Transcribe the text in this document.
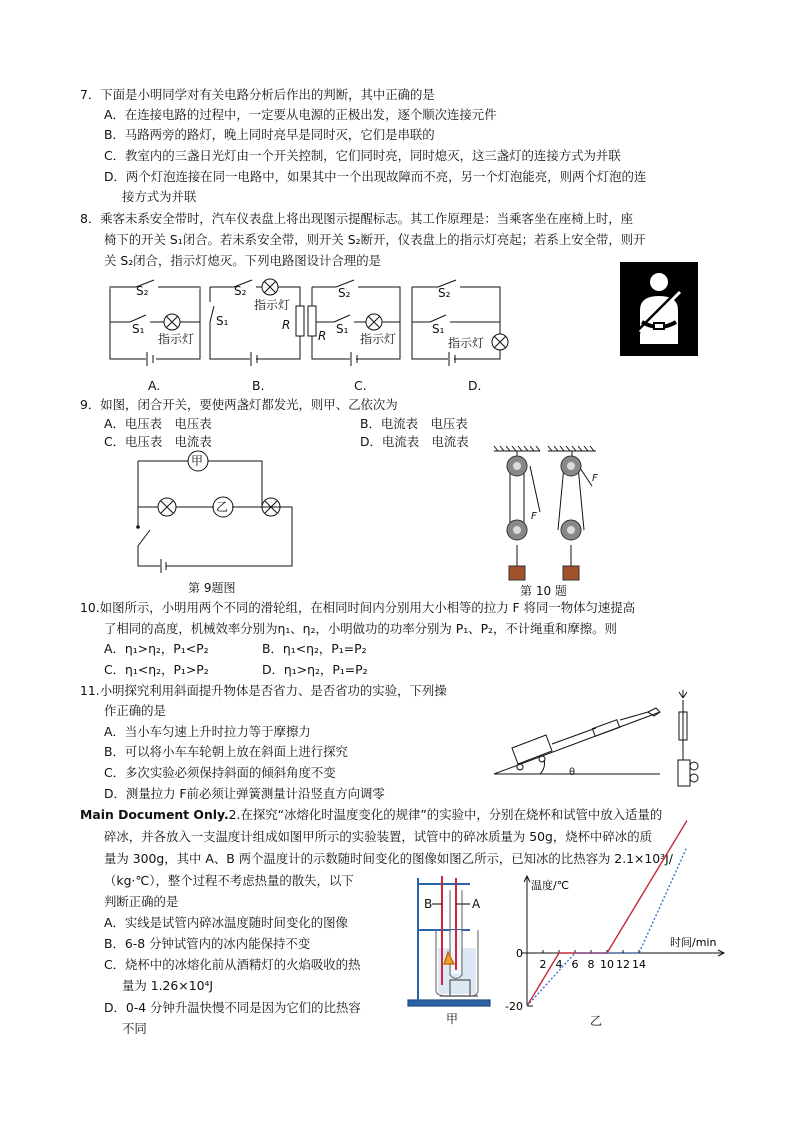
7．下面是小明同学对有关电路分析后作出的判断，其中正确的是
A．在连接电路的过程中，一定要从电源的正极出发，逐个顺次连接元件
B．马路两旁的路灯，晚上同时亮早是同时灭，它们是串联的
C．教室内的三盏日光灯由一个开关控制，它们同时亮，同时熄灭，这三盏灯的连接方式为并联
D．两个灯泡连接在同一电路中，如果其中一个出现故障而不亮，另一个灯泡能亮，则两个灯泡的连
接方式为并联
8．乘客未系安全带时，汽车仪表盘上将出现图示提醒标志。其工作原理是：当乘客坐在座椅上时，座
椅下的开关 S₁闭合。若未系安全带，则开关 S₂断开，仪表盘上的指示灯亮起；若系上安全带，则开
关 S₂闭合，指示灯熄灭。下列电路图设计合理的是
S₂
S₁
指示灯
S₂
指示灯
S₁	R
S₂
R S₁
指示灯
S₂
S₁
指示灯
A.	B.	C.	D.
9．如图，闭合开关，要使两盏灯都发光，则甲、乙依次为
A．电压表　电压表	B．电流表　电压表
C．电压表　电流表	D．电流表　电流表
甲
乙
第 9题图
F
F
第 10 题
10.如图所示，小明用两个不同的滑轮组，在相同时间内分别用大小相等的拉力 F 将同一物体匀速提高
了相同的高度，机械效率分别为η₁、η₂，小明做功的功率分别为 P₁、P₂，不计绳重和摩擦。则
A．η₁>η₂，P₁<P₂	B．η₁<η₂，P₁=P₂
C．η₁<η₂，P₁>P₂	D．η₁>η₂，P₁=P₂
11.小明探究利用斜面提升物体是否省力、是否省功的实验，下列操
作正确的是
A．当小车匀速上升时拉力等于摩擦力
B．可以将小车车轮朝上放在斜面上进行探究
C．多次实验必须保持斜面的倾斜角度不变
D．测量拉力 F前必须让弹簧测量计沿竖直方向调零
θ
Main Document Only.2.在探究“冰熔化时温度变化的规律”的实验中，分别在烧杯和试管中放入适量的
碎冰，并各放入一支温度计组成如图甲所示的实验装置，试管中的碎冰质量为 50g，烧杯中碎冰的质
量为 300g，其中 A、B 两个温度计的示数随时间变化的图像如图乙所示，已知冰的比热容为 2.1×10³J/
（kg·℃），整个过程不考虑热量的散失，以下
判断正确的是
A．实线是试管内碎冰温度随时间变化的图像
B．6-8 分钟试管内的冰内能保持不变
C．烧杯中的冰熔化前从酒精灯的火焰吸收的热
量为 1.26×10⁴J
D．0-4 分钟升温快慢不同是因为它们的比热容
不同
B	A
甲
温度/℃
时间/min
2 4 6 8 10 12 14
0
-20
乙
